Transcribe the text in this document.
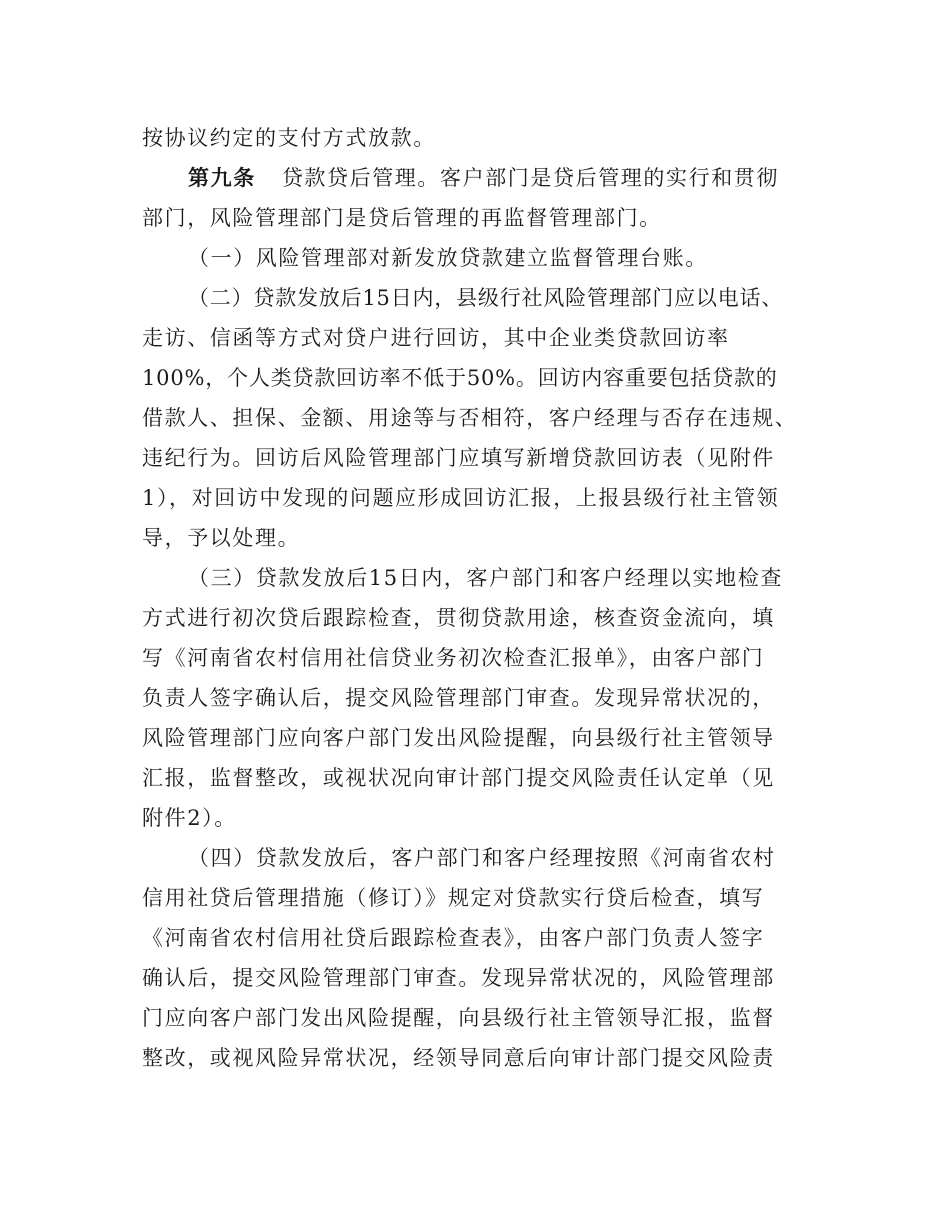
按协议约定的支付方式放款。
第九条 贷款贷后管理。客户部门是贷后管理的实行和贯彻
部门，风险管理部门是贷后管理的再监督管理部门。
（一）风险管理部对新发放贷款建立监督管理台账。
（二）贷款发放后15日内，县级行社风险管理部门应以电话、
走访、信函等方式对贷户进行回访，其中企业类贷款回访率
100%，个人类贷款回访率不低于50%。回访内容重要包括贷款的
借款人、担保、金额、用途等与否相符，客户经理与否存在违规、
违纪行为。回访后风险管理部门应填写新增贷款回访表（见附件
1），对回访中发现的问题应形成回访汇报，上报县级行社主管领
导，予以处理。
（三）贷款发放后15日内，客户部门和客户经理以实地检查
方式进行初次贷后跟踪检查，贯彻贷款用途，核查资金流向，填
写《河南省农村信用社信贷业务初次检查汇报单》，由客户部门
负责人签字确认后，提交风险管理部门审查。发现异常状况的，
风险管理部门应向客户部门发出风险提醒，向县级行社主管领导
汇报，监督整改，或视状况向审计部门提交风险责任认定单（见
附件2）。
（四）贷款发放后，客户部门和客户经理按照《河南省农村
信用社贷后管理措施（修订）》规定对贷款实行贷后检查，填写
《河南省农村信用社贷后跟踪检查表》，由客户部门负责人签字
确认后，提交风险管理部门审查。发现异常状况的，风险管理部
门应向客户部门发出风险提醒，向县级行社主管领导汇报，监督
整改，或视风险异常状况，经领导同意后向审计部门提交风险责
